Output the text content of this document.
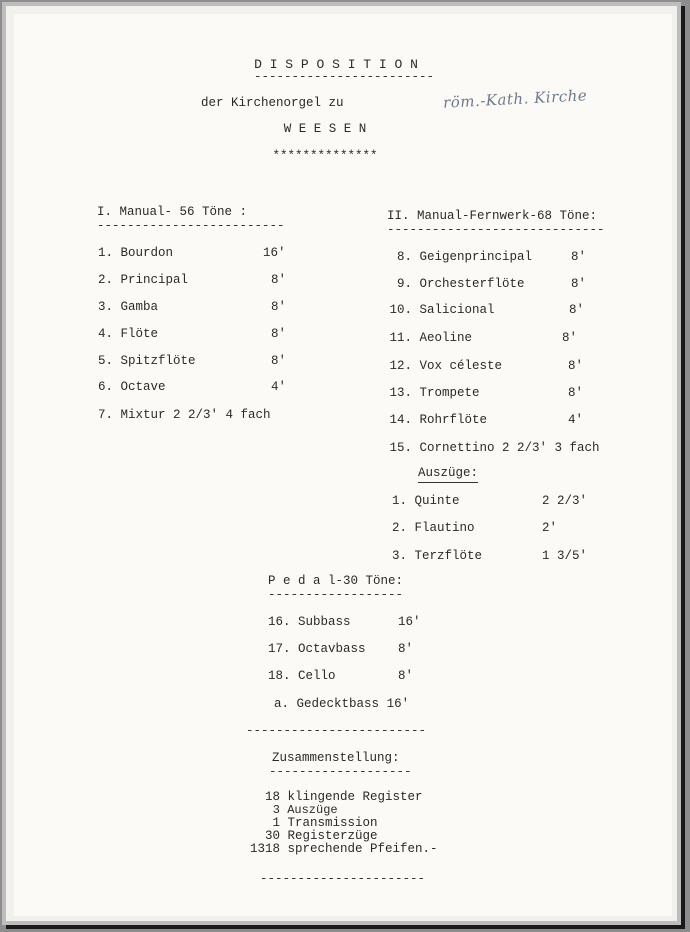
D I S P O S I T I O N
------------------------
der Kirchenorgel zu
W E E S E N
**************
röm.-Kath. Kirche
I. Manual- 56 Töne :
-------------------------
1. Bourdon	16'
2. Principal	8'
3. Gamba	8'
4. Flöte	8'
5. Spitzflöte	8'
6. Octave	4'
7. Mixtur 2 2/3' 4 fach
II. Manual-Fernwerk-68 Töne:
-----------------------------
8. Geigenprincipal	8'
9. Orchesterflöte	8'
10. Salicional	8'
11. Aeoline	8'
12. Vox céleste	8'
13. Trompete	8'
14. Rohrflöte	4'
15. Cornettino 2 2/3' 3 fach
Auszüge:
1. Quinte	2 2/3'
2. Flautino	2'
3. Terzflöte	1 3/5'
P e d a l-30 Töne:
------------------
16. Subbass	16'
17. Octavbass	8'
18. Cello	8'
a. Gedecktbass 16'
------------------------
Zusammenstellung:
-------------------
18 klingende Register
3 Auszüge
1 Transmission
30 Registerzüge
1318 sprechende Pfeifen.-
----------------------
